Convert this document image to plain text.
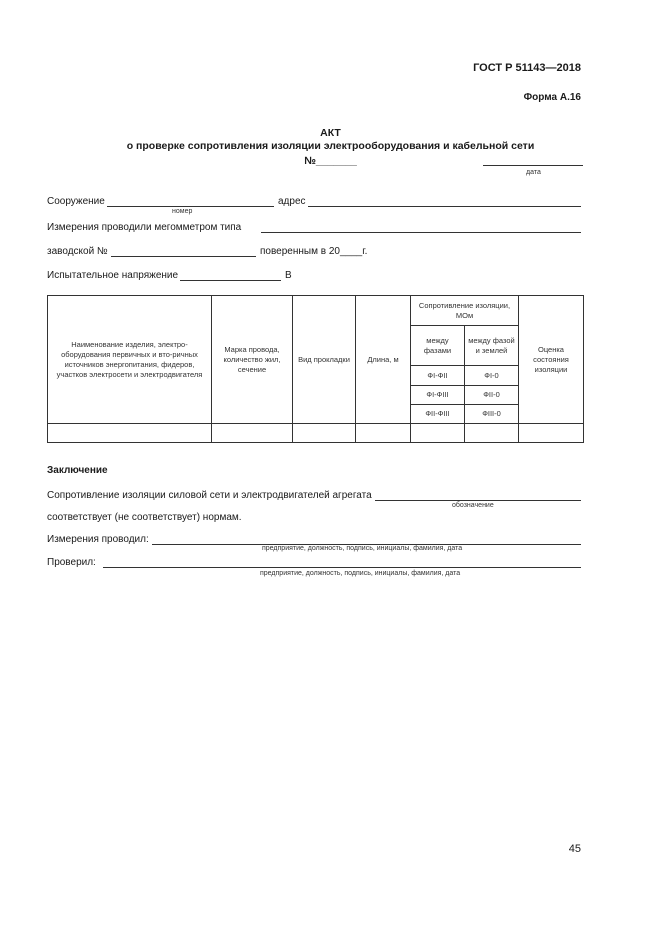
ГОСТ Р 51143—2018
Форма А.16
АКТ
о проверке сопротивления изоляции электрооборудования и кабельной сети
№_______
дата
Сооружение
номер
адрес
Измерения проводили мегомметром типа
заводской №	поверенным в 20____г.
Испытательное напряжение	В
Наименование изделия, электро-оборудования первичных и вто-ричных источников энергопитания, фидеров, участков электросети и электродвигателя	Марка провода, количество жил, сечение	Вид прокладки	Длина, м	Сопротивление изоляции, МОм		Оценка состояния изоляции
				между фазами	между фазой и землей	
				ФI-ФII	ФI-0	
				ФI-ФIII	ФII-0	
				ФII-ФIII	ФIII-0	

Заключение
Сопротивление изоляции силовой сети и электродвигателей агрегата
обозначение
соответствует (не соответствует) нормам.
Измерения проводил:
предприятие, должность, подпись, инициалы, фамилия, дата
Проверил:
предприятие, должность, подпись, инициалы, фамилия, дата
45
